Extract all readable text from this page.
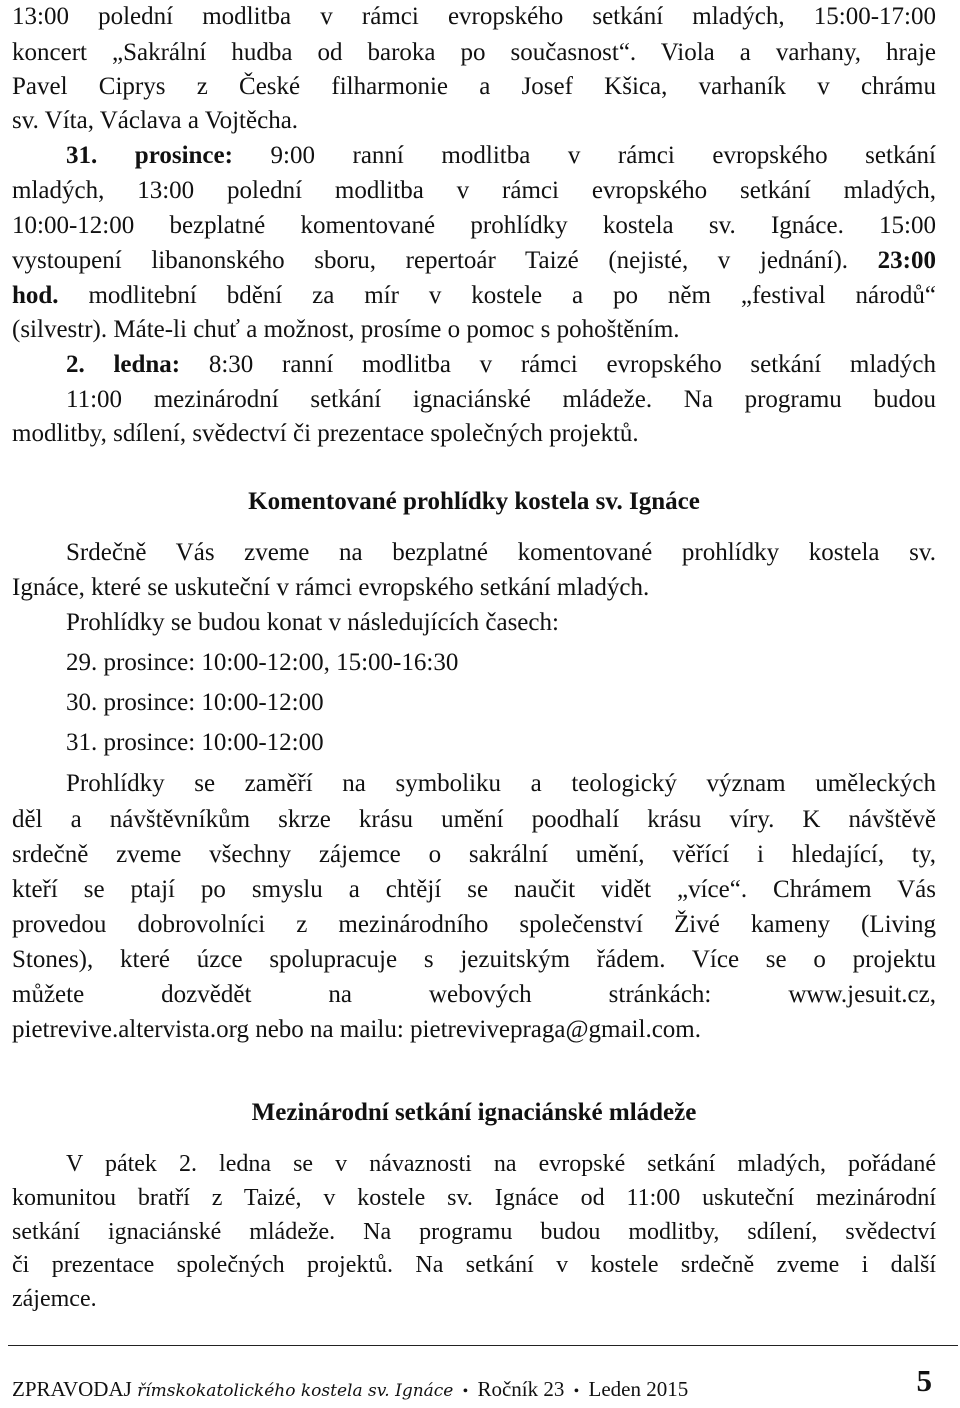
13:00 polední modlitba v rámci evropského setkání mladých, 15:00-17:00
koncert „Sakrální hudba od baroka po současnost“. Viola a varhany, hraje
Pavel Ciprys z České filharmonie a Josef Kšica, varhaník v chrámu
sv. Víta, Václava a Vojtěcha.
31. prosince: 9:00 ranní modlitba v rámci evropského setkání
mladých, 13:00 polední modlitba v rámci evropského setkání mladých,
10:00-12:00 bezplatné komentované prohlídky kostela sv. Ignáce. 15:00
vystoupení libanonského sboru, repertoár Taizé (nejisté, v jednání). 23:00
hod. modlitební bdění za mír v kostele a po něm „festival národů“
(silvestr). Máte-li chuť a možnost, prosíme o pomoc s pohoštěním.
2. ledna: 8:30 ranní modlitba v rámci evropského setkání mladých
11:00 mezinárodní setkání ignaciánské mládeže. Na programu budou
modlitby, sdílení, svědectví či prezentace společných projektů.
Komentované prohlídky kostela sv. Ignáce
Srdečně Vás zveme na bezplatné komentované prohlídky kostela sv.
Ignáce, které se uskuteční v rámci evropského setkání mladých.
Prohlídky se budou konat v následujících časech:
29. prosince: 10:00-12:00, 15:00-16:30
30. prosince: 10:00-12:00
31. prosince: 10:00-12:00
Prohlídky se zaměří na symboliku a teologický význam uměleckých
děl a návštěvníkům skrze krásu umění poodhalí krásu víry. K návštěvě
srdečně zveme všechny zájemce o sakrální umění, věřící i hledající, ty,
kteří se ptají po smyslu a chtějí se naučit vidět „více“. Chrámem Vás
provedou dobrovolníci z mezinárodního společenství Živé kameny (Living
Stones), které úzce spolupracuje s jezuitským řádem. Více se o projektu
můžete dozvědět na webových stránkách: www.jesuit.cz,
pietrevive.altervista.org nebo na mailu: pietrevivepraga@gmail.com.
Mezinárodní setkání ignaciánské mládeže
V pátek 2. ledna se v návaznosti na evropské setkání mladých, pořádané
komunitou bratří z Taizé, v kostele sv. Ignáce od 11:00 uskuteční mezinárodní
setkání ignaciánské mládeže. Na programu budou modlitby, sdílení, svědectví
či prezentace společných projektů. Na setkání v kostele srdečně zveme i další
zájemce.
ZPRAVODAJ římskokatolického kostela sv. Ignáce • Ročník 23 • Leden 2015	5
